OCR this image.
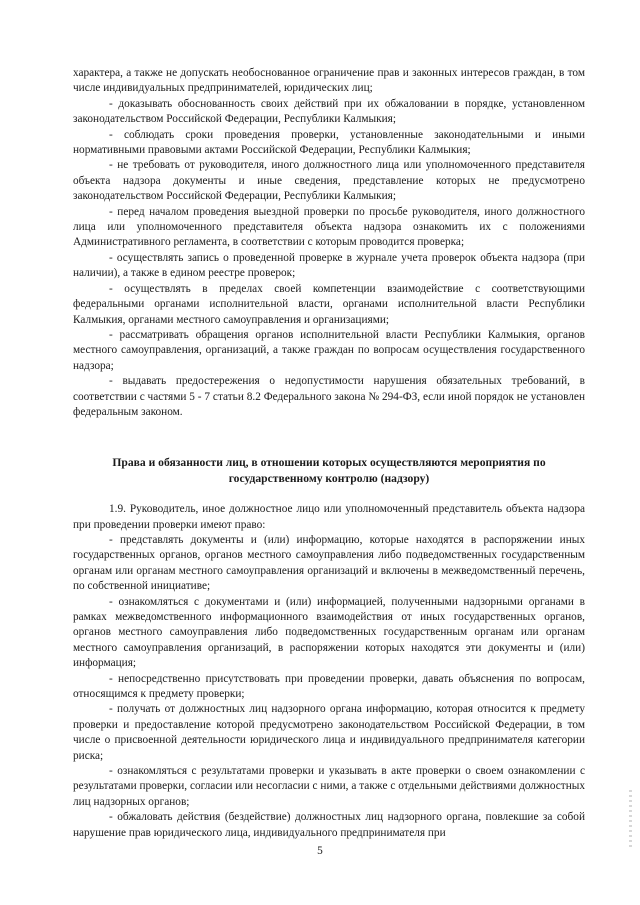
характера, а также не допускать необоснованное ограничение прав и законных интересов граждан, в том числе индивидуальных предпринимателей, юридических лиц;

- доказывать обоснованность своих действий при их обжаловании в порядке, установленном законодательством Российской Федерации, Республики Калмыкия;

- соблюдать сроки проведения проверки, установленные законодательными и иными нормативными правовыми актами Российской Федерации, Республики Калмыкия;

- не требовать от руководителя, иного должностного лица или уполномоченного представителя объекта надзора документы и иные сведения, представление которых не предусмотрено законодательством Российской Федерации, Республики Калмыкия;

- перед началом проведения выездной проверки по просьбе руководителя, иного должностного лица или уполномоченного представителя объекта надзора ознакомить их с положениями Административного регламента, в соответствии с которым проводится проверка;

- осуществлять запись о проведенной проверке в журнале учета проверок объекта надзора (при наличии), а также в едином реестре проверок;

- осуществлять в пределах своей компетенции взаимодействие с соответствующими федеральными органами исполнительной власти, органами исполнительной власти Республики Калмыкия, органами местного самоуправления и организациями;

- рассматривать обращения органов исполнительной власти Республики Калмыкия, органов местного самоуправления, организаций, а также граждан по вопросам осуществления государственного надзора;

- выдавать предостережения о недопустимости нарушения обязательных требований, в соответствии с частями 5 - 7 статьи 8.2 Федерального закона № 294-ФЗ, если иной порядок не установлен федеральным законом.

Права и обязанности лиц, в отношении которых осуществляются мероприятия по государственному контролю (надзору)

1.9. Руководитель, иное должностное лицо или уполномоченный представитель объекта надзора при проведении проверки имеют право:

- представлять документы и (или) информацию, которые находятся в распоряжении иных государственных органов, органов местного самоуправления либо подведомственных государственным органам или органам местного самоуправления организаций и включены в межведомственный перечень, по собственной инициативе;

- ознакомляться с документами и (или) информацией, полученными надзорными органами в рамках межведомственного информационного взаимодействия от иных государственных органов, органов местного самоуправления либо подведомственных государственным органам или органам местного самоуправления организаций, в распоряжении которых находятся эти документы и (или) информация;

- непосредственно присутствовать при проведении проверки, давать объяснения по вопросам, относящимся к предмету проверки;

- получать от должностных лиц надзорного органа информацию, которая относится к предмету проверки и предоставление которой предусмотрено законодательством Российской Федерации, в том числе о присвоенной деятельности юридического лица и индивидуального предпринимателя категории риска;

- ознакомляться с результатами проверки и указывать в акте проверки о своем ознакомлении с результатами проверки, согласии или несогласии с ними, а также с отдельными действиями должностных лиц надзорных органов;

- обжаловать действия (бездействие) должностных лиц надзорного органа, повлекшие за собой нарушение прав юридического лица, индивидуального предпринимателя при

5
